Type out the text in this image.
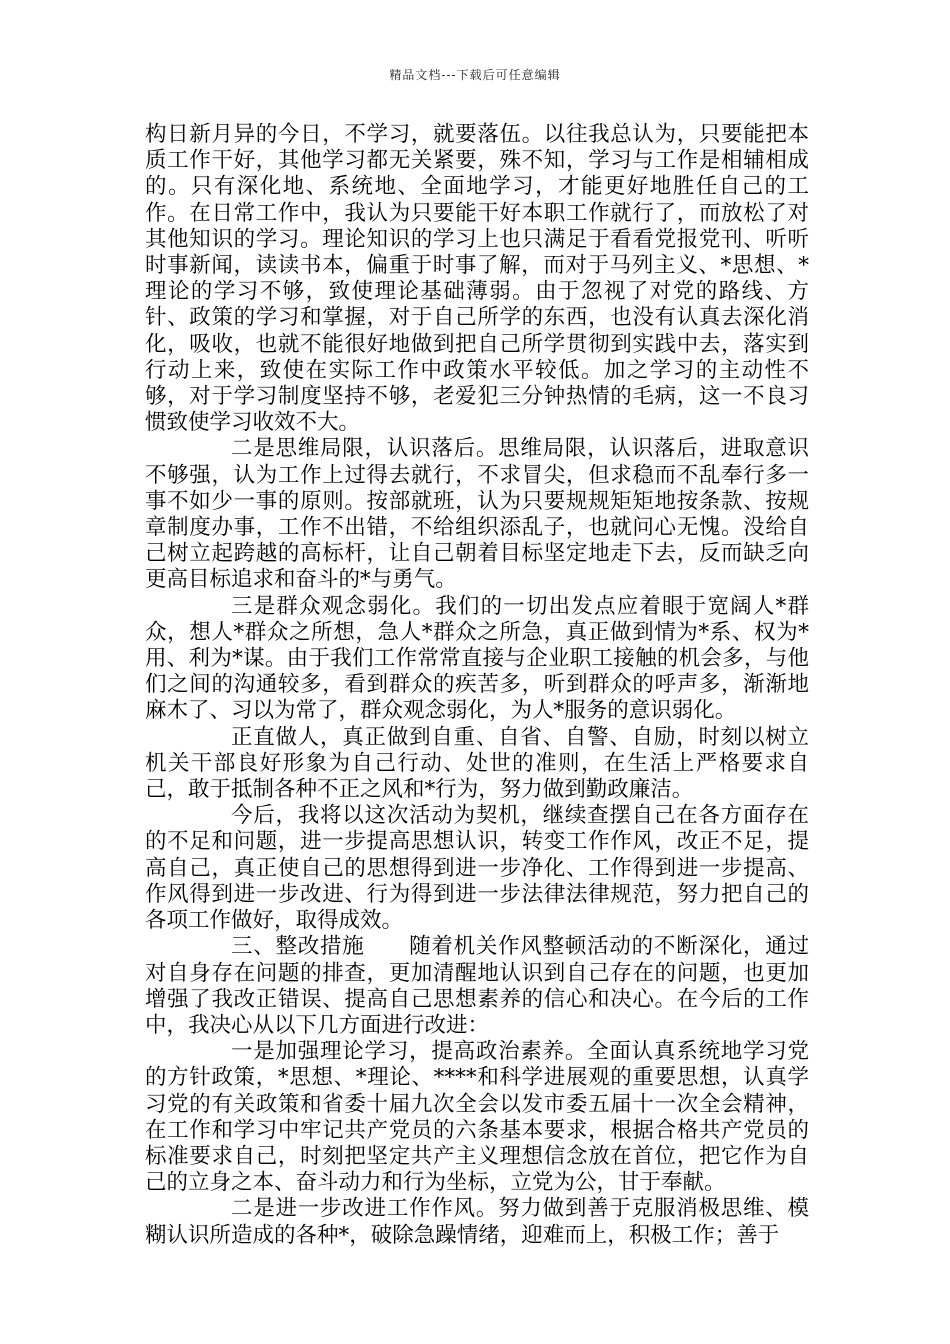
精品文档---下载后可任意编辑

构日新月异的今日，不学习，就要落伍。以往我总认为，只要能把本质工作干好，其他学习都无关紧要，殊不知，学习与工作是相辅相成的。只有深化地、系统地、全面地学习，才能更好地胜任自己的工作。在日常工作中，我认为只要能干好本职工作就行了，而放松了对其他知识的学习。理论知识的学习上也只满足于看看党报党刊、听听时事新闻，读读书本，偏重于时事了解，而对于马列主义、*思想、*理论的学习不够，致使理论基础薄弱。由于忽视了对党的路线、方针、政策的学习和掌握，对于自己所学的东西，也没有认真去深化消化，吸收，也就不能很好地做到把自己所学贯彻到实践中去，落实到行动上来，致使在实际工作中政策水平较低。加之学习的主动性不够，对于学习制度坚持不够，老爱犯三分钟热情的毛病，这一不良习惯致使学习收效不大。

二是思维局限，认识落后。思维局限，认识落后，进取意识不够强，认为工作上过得去就行，不求冒尖，但求稳而不乱奉行多一事不如少一事的原则。按部就班，认为只要规规矩矩地按条款、按规章制度办事，工作不出错，不给组织添乱子，也就问心无愧。没给自己树立起跨越的高标杆，让自己朝着目标坚定地走下去，反而缺乏向更高目标追求和奋斗的*与勇气。

三是群众观念弱化。我们的一切出发点应着眼于宽阔人*群众，想人*群众之所想，急人*群众之所急，真正做到情为*系、权为*用、利为*谋。由于我们工作常常直接与企业职工接触的机会多，与他们之间的沟通较多，看到群众的疾苦多，听到群众的呼声多，渐渐地麻木了、习以为常了，群众观念弱化，为人*服务的意识弱化。

正直做人，真正做到自重、自省、自警、自励，时刻以树立机关干部良好形象为自己行动、处世的准则，在生活上严格要求自己，敢于抵制各种不正之风和*行为，努力做到勤政廉洁。

今后，我将以这次活动为契机，继续查摆自己在各方面存在的不足和问题，进一步提高思想认识，转变工作作风，改正不足，提高自己，真正使自己的思想得到进一步净化、工作得到进一步提高、作风得到进一步改进、行为得到进一步法律法律规范，努力把自己的各项工作做好，取得成效。

三、整改措施　　随着机关作风整顿活动的不断深化，通过对自身存在问题的排查，更加清醒地认识到自己存在的问题，也更加增强了我改正错误、提高自己思想素养的信心和决心。在今后的工作中，我决心从以下几方面进行改进：

一是加强理论学习，提高政治素养。全面认真系统地学习党的方针政策，*思想、*理论、****和科学进展观的重要思想，认真学习党的有关政策和省委十届九次全会以发市委五届十一次全会精神，在工作和学习中牢记共产党员的六条基本要求，根据合格共产党员的标准要求自己，时刻把坚定共产主义理想信念放在首位，把它作为自己的立身之本、奋斗动力和行为坐标，立党为公，甘于奉献。

二是进一步改进工作作风。努力做到善于克服消极思维、模糊认识所造成的各种*，破除急躁情绪，迎难而上，积极工作；善于
